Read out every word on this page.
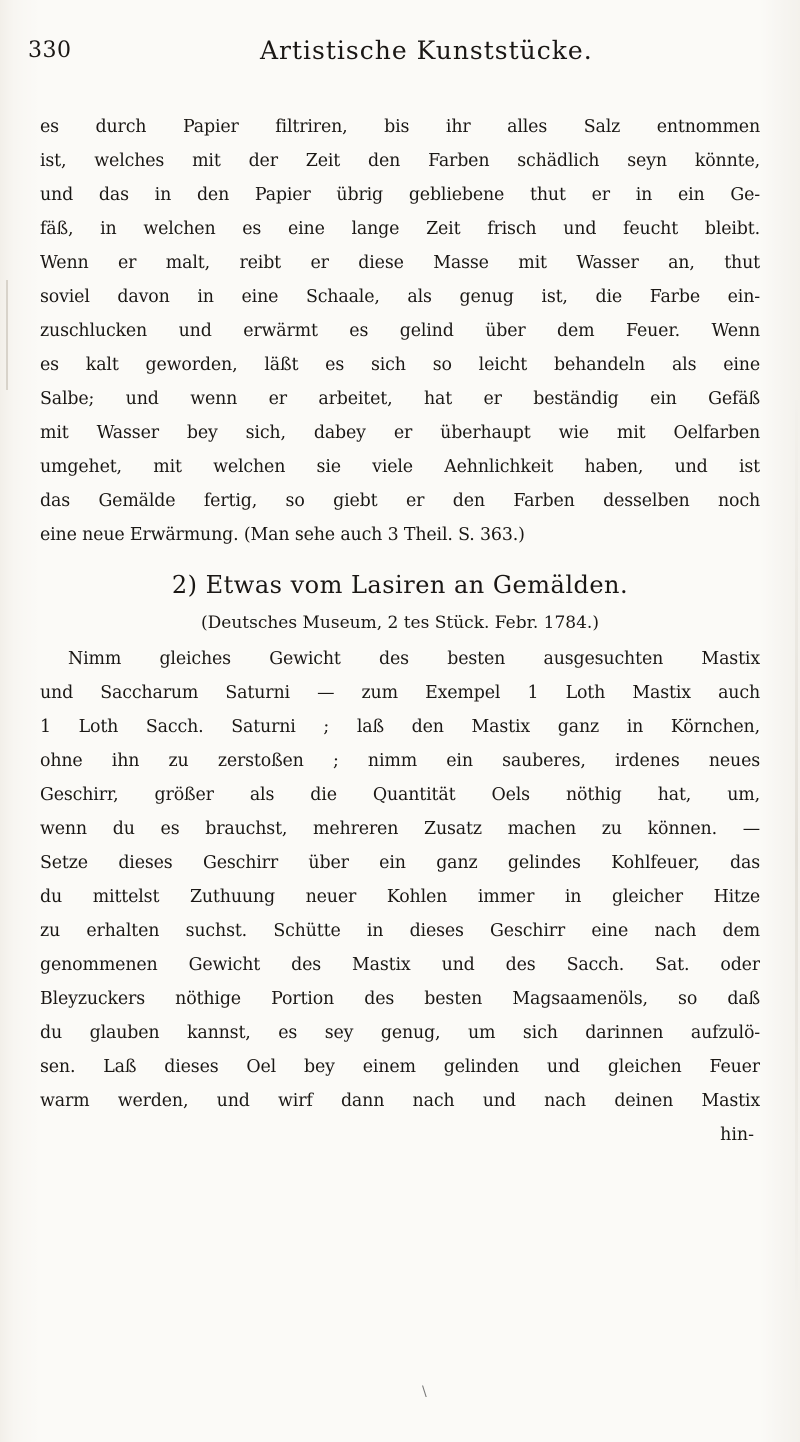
330	Artistische Kunststücke.
es durch Papier filtriren, bis ihr alles Salz entnommen
ist, welches mit der Zeit den Farben schädlich seyn könnte,
und das in den Papier übrig gebliebene thut er in ein Ge-
fäß, in welchen es eine lange Zeit frisch und feucht bleibt.
Wenn er malt, reibt er diese Masse mit Wasser an, thut
soviel davon in eine Schaale, als genug ist, die Farbe ein-
zuschlucken und erwärmt es gelind über dem Feuer. Wenn
es kalt geworden, läßt es sich so leicht behandeln als eine
Salbe; und wenn er arbeitet, hat er beständig ein Gefäß
mit Wasser bey sich, dabey er überhaupt wie mit Oelfarben
umgehet, mit welchen sie viele Aehnlichkeit haben, und ist
das Gemälde fertig, so giebt er den Farben desselben noch
eine neue Erwärmung. (Man sehe auch 3 Theil. S. 363.)
2) Etwas vom Lasiren an Gemälden.
(Deutsches Museum, 2 tes Stück. Febr. 1784.)
Nimm gleiches Gewicht des besten ausgesuchten Mastix
und Saccharum Saturni — zum Exempel 1 Loth Mastix auch
1 Loth Sacch. Saturni ; laß den Mastix ganz in Körnchen,
ohne ihn zu zerstoßen ; nimm ein sauberes, irdenes neues
Geschirr, größer als die Quantität Oels nöthig hat, um,
wenn du es brauchst, mehreren Zusatz machen zu können. —
Setze dieses Geschirr über ein ganz gelindes Kohlfeuer, das
du mittelst Zuthuung neuer Kohlen immer in gleicher Hitze
zu erhalten suchst. Schütte in dieses Geschirr eine nach dem
genommenen Gewicht des Mastix und des Sacch. Sat. oder
Bleyzuckers nöthige Portion des besten Magsaamenöls, so daß
du glauben kannst, es sey genug, um sich darinnen aufzulö-
sen. Laß dieses Oel bey einem gelinden und gleichen Feuer
warm werden, und wirf dann nach und nach deinen Mastix
hin-
\
